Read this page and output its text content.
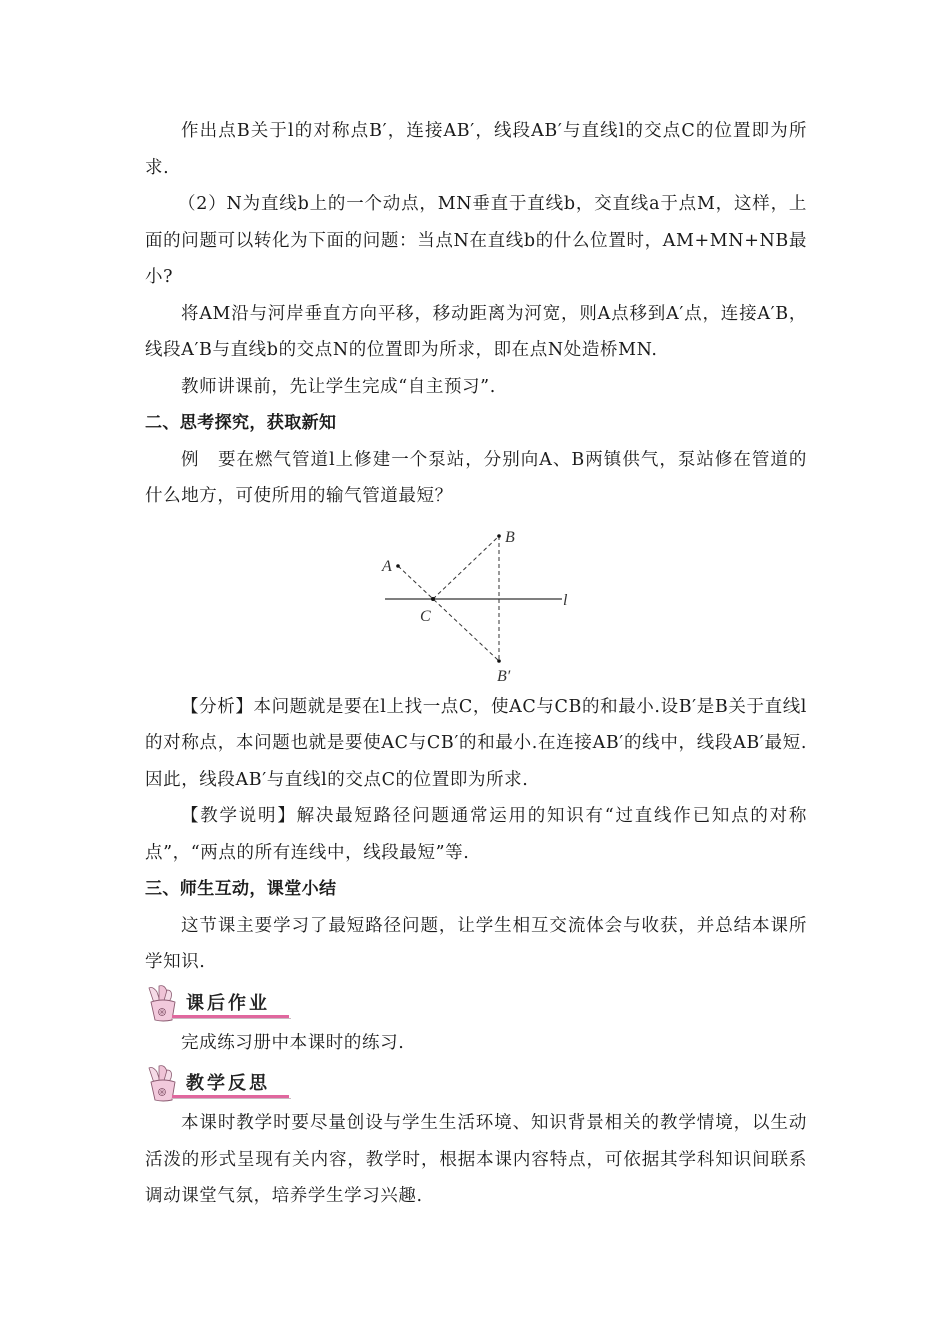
作出点B关于l的对称点B′，连接AB′，线段AB′与直线l的交点C的位置即为所求.

（2）N为直线b上的一个动点，MN垂直于直线b，交直线a于点M，这样，上面的问题可以转化为下面的问题：当点N在直线b的什么位置时，AM+MN+NB最小?

将AM沿与河岸垂直方向平移，移动距离为河宽，则A点移到A′点，连接A′B，线段A′B与直线b的交点N的位置即为所求，即在点N处造桥MN.

教师讲课前，先让学生完成“自主预习”.

二、思考探究，获取新知

例　要在燃气管道l上修建一个泵站，分别向A、B两镇供气，泵站修在管道的什么地方，可使所用的输气管道最短？

A
B
C
B′
l

【分析】本问题就是要在l上找一点C，使AC与CB的和最小.设B′是B关于直线l的对称点，本问题也就是要使AC与CB′的和最小.在连接AB′的线中，线段AB′最短.因此，线段AB′与直线l的交点C的位置即为所求.

【教学说明】解决最短路径问题通常运用的知识有“过直线作已知点的对称点”，“两点的所有连线中，线段最短”等.

三、师生互动，课堂小结

这节课主要学习了最短路径问题，让学生相互交流体会与收获，并总结本课所学知识.

课后作业

完成练习册中本课时的练习.

教学反思

本课时教学时要尽量创设与学生生活环境、知识背景相关的教学情境，以生动活泼的形式呈现有关内容，教学时，根据本课内容特点，可依据其学科知识间联系调动课堂气氛，培养学生学习兴趣.
